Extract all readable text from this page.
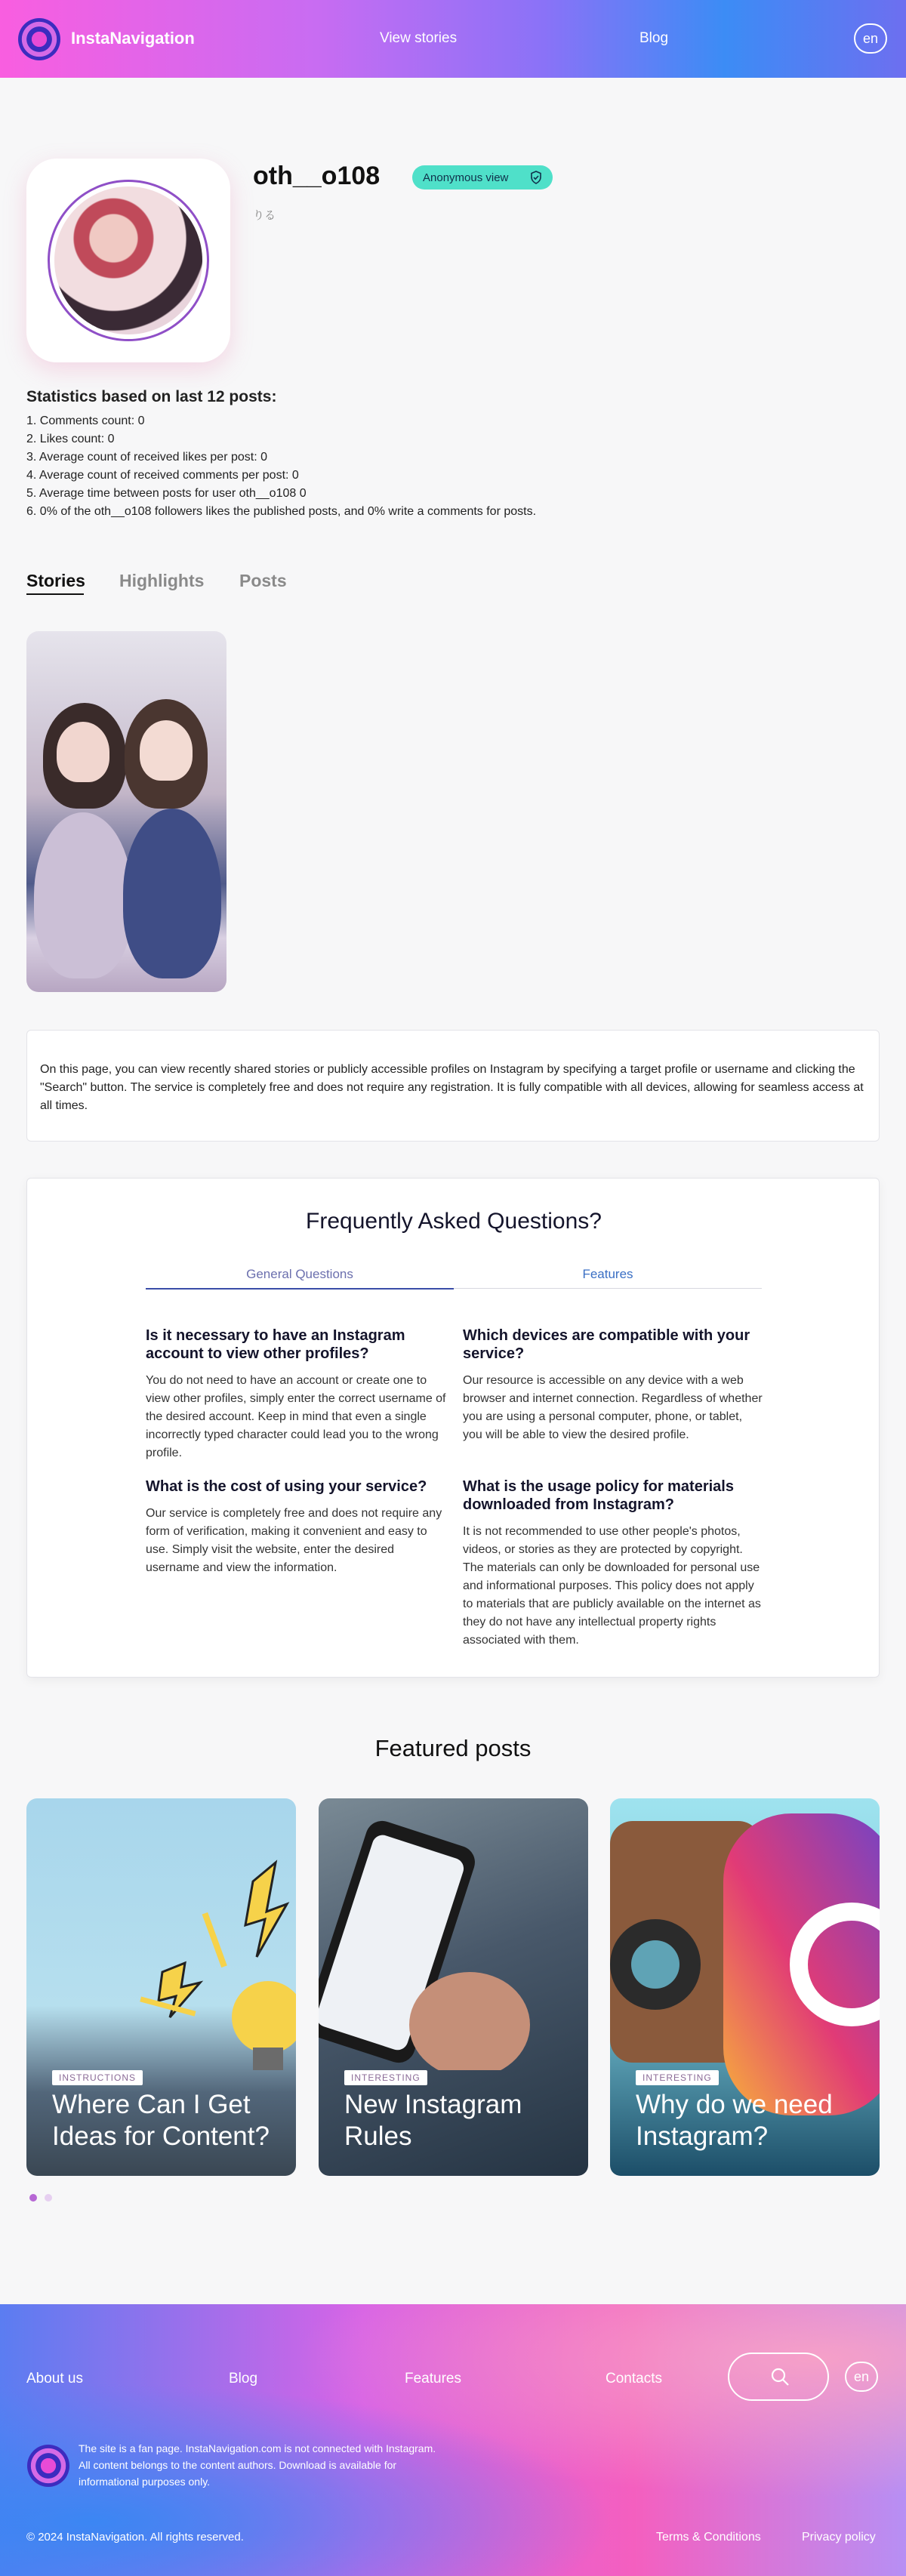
InstaNavigation	View stories	Blog	en
oth__o108	Anonymous view
りる
Statistics based on last 12 posts:
1. Comments count: 0
2. Likes count: 0
3. Average count of received likes per post: 0
4. Average count of received comments per post: 0
5. Average time between posts for user oth__o108 0
6. 0% of the oth__o108 followers likes the published posts, and 0% write a comments for posts.
Stories Highlights Posts
On this page, you can view recently shared stories or publicly accessible profiles on Instagram by specifying a target profile or username and clicking the "Search" button. The service is completely free and does not require any registration. It is fully compatible with all devices, allowing for seamless access at all times.
Frequently Asked Questions?
General Questions	Features
Is it necessary to have an Instagram account to view other profiles?
You do not need to have an account or create one to view other profiles, simply enter the correct username of the desired account. Keep in mind that even a single incorrectly typed character could lead you to the wrong profile.
Which devices are compatible with your service?
Our resource is accessible on any device with a web browser and internet connection. Regardless of whether you are using a personal computer, phone, or tablet, you will be able to view the desired profile.
What is the cost of using your service?
Our service is completely free and does not require any form of verification, making it convenient and easy to use. Simply visit the website, enter the desired username and view the information.
What is the usage policy for materials downloaded from Instagram?
It is not recommended to use other people's photos, videos, or stories as they are protected by copyright. The materials can only be downloaded for personal use and informational purposes. This policy does not apply to materials that are publicly available on the internet as they do not have any intellectual property rights associated with them.
Featured posts
INSTRUCTIONS
Where Can I Get Ideas for Content?
INTERESTING
New Instagram Rules
INTERESTING
Why do we need Instagram?
About us	Blog	Features	Contacts	en
The site is a fan page. InstaNavigation.com is not connected with Instagram. All content belongs to the content authors. Download is available for informational purposes only.
© 2024 InstaNavigation. All rights reserved.	Terms & Conditions	Privacy policy
